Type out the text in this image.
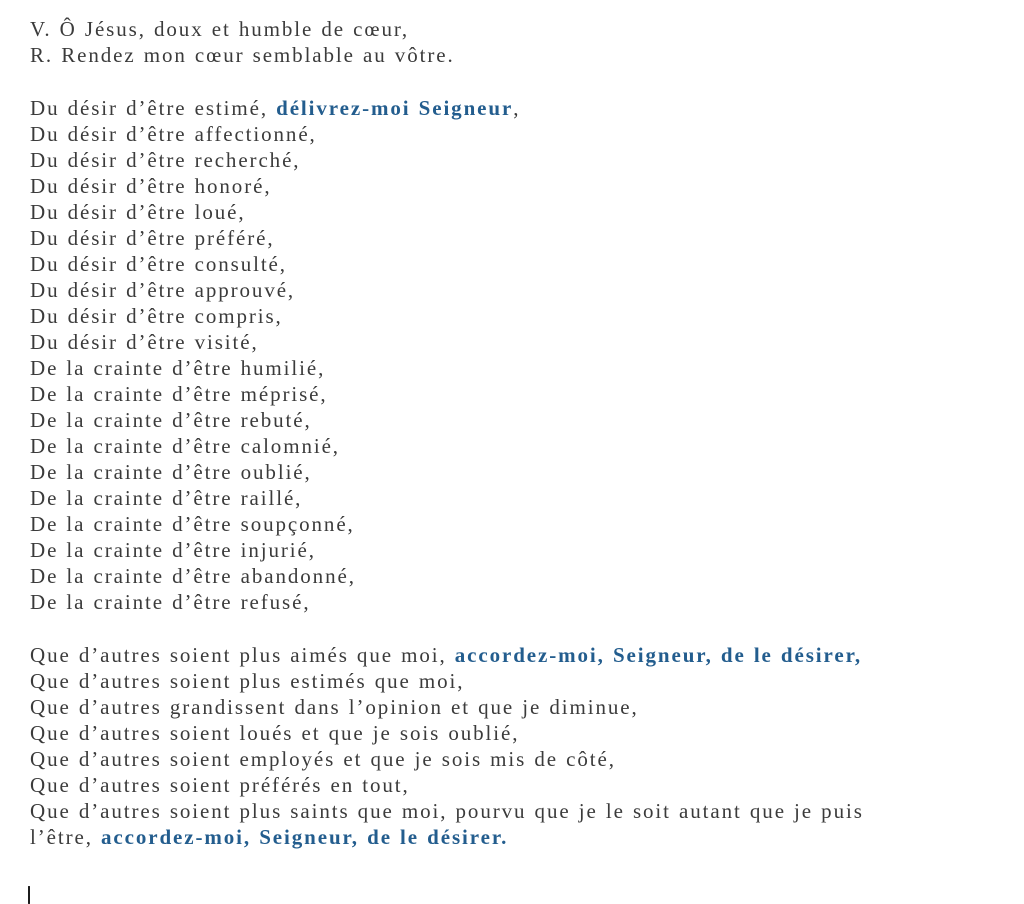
V. Ô Jésus, doux et humble de cœur,
R. Rendez mon cœur semblable au vôtre.
Du désir d’être estimé, délivrez-moi Seigneur,
Du désir d’être affectionné,
Du désir d’être recherché,
Du désir d’être honoré,
Du désir d’être loué,
Du désir d’être préféré,
Du désir d’être consulté,
Du désir d’être approuvé,
Du désir d’être compris,
Du désir d’être visité,
De la crainte d’être humilié,
De la crainte d’être méprisé,
De la crainte d’être rebuté,
De la crainte d’être calomnié,
De la crainte d’être oublié,
De la crainte d’être raillé,
De la crainte d’être soupçonné,
De la crainte d’être injurié,
De la crainte d’être abandonné,
De la crainte d’être refusé,
Que d’autres soient plus aimés que moi, accordez-moi, Seigneur, de le désirer,
Que d’autres soient plus estimés que moi,
Que d’autres grandissent dans l’opinion et que je diminue,
Que d’autres soient loués et que je sois oublié,
Que d’autres soient employés et que je sois mis de côté,
Que d’autres soient préférés en tout,
Que d’autres soient plus saints que moi, pourvu que je le soit autant que je puis
l’être, accordez-moi, Seigneur, de le désirer.
